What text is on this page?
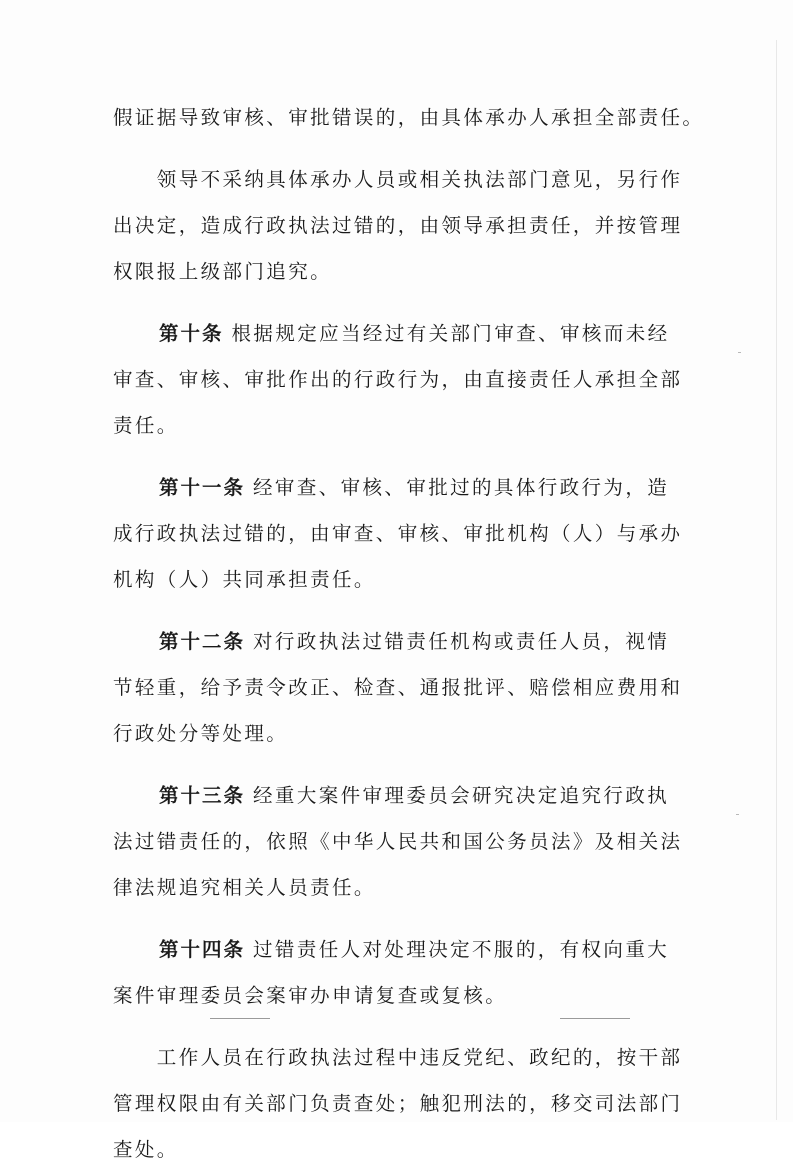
假证据导致审核、审批错误的，由具体承办人承担全部责任。
　　领导不采纳具体承办人员或相关执法部门意见，另行作
出决定，造成行政执法过错的，由领导承担责任，并按管理
权限报上级部门追究。
第十条 根据规定应当经过有关部门审查、审核而未经
审查、审核、审批作出的行政行为，由直接责任人承担全部
责任。
第十一条 经审查、审核、审批过的具体行政行为，造
成行政执法过错的，由审查、审核、审批机构（人）与承办
机构（人）共同承担责任。
第十二条 对行政执法过错责任机构或责任人员，视情
节轻重，给予责令改正、检查、通报批评、赔偿相应费用和
行政处分等处理。
第十三条 经重大案件审理委员会研究决定追究行政执
法过错责任的，依照《中华人民共和国公务员法》及相关法
律法规追究相关人员责任。
第十四条 过错责任人对处理决定不服的，有权向重大
案件审理委员会案审办申请复查或复核。
　　工作人员在行政执法过程中违反党纪、政纪的，按干部
管理权限由有关部门负责查处；触犯刑法的，移交司法部门
查处。
